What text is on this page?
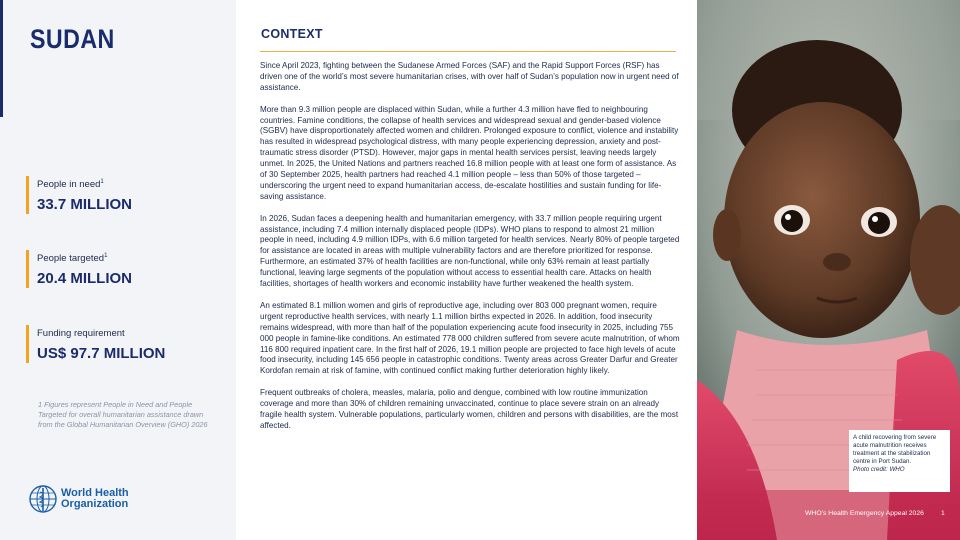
SUDAN
People in need$^1$
33.7 MILLION
People targeted$^1$
20.4 MILLION
Funding requirement
US$ 97.7 MILLION
1 Figures represent People in Need and People Targeted for overall humanitarian assistance drawn from the Global Humanitarian Overview (GHO) 2026
World Health
Organization
CONTEXT

Since April 2023, fighting between the Sudanese Armed Forces (SAF) and the Rapid Support Forces (RSF) has driven one of the world’s most severe humanitarian crises, with over half of Sudan’s population now in urgent need of assistance.

More than 9.3 million people are displaced within Sudan, while a further 4.3 million have fled to neighbouring countries. Famine conditions, the collapse of health services and widespread sexual and gender-based violence (SGBV) have disproportionately affected women and children. Prolonged exposure to conflict, violence and instability has resulted in widespread psychological distress, with many people experiencing depression, anxiety and post-traumatic stress disorder (PTSD). However, major gaps in mental health services persist, leaving needs largely unmet. In 2025, the United Nations and partners reached 16.8 million people with at least one form of assistance. As of 30 September 2025, health partners had reached 4.1 million people – less than 50% of those targeted – underscoring the urgent need to expand humanitarian access, de-escalate hostilities and sustain funding for life-saving assistance.

In 2026, Sudan faces a deepening health and humanitarian emergency, with 33.7 million people requiring urgent assistance, including 7.4 million internally displaced people (IDPs). WHO plans to respond to almost 21 million people in need, including 4.9 million IDPs, with 6.6 million targeted for health services. Nearly 80% of people targeted for assistance are located in areas with multiple vulnerability factors and are therefore prioritized for response. Furthermore, an estimated 37% of health facilities are non-functional, while only 63% remain at least partially functional, leaving large segments of the population without access to essential health care. Attacks on health facilities, shortages of health workers and economic instability have further weakened the health system.

An estimated 8.1 million women and girls of reproductive age, including over 803 000 pregnant women, require urgent reproductive health services, with nearly 1.1 million births expected in 2026. In addition, food insecurity remains widespread, with more than half of the population experiencing acute food insecurity in 2025, including 755 000 people in famine-like conditions. An estimated 778 000 children suffered from severe acute malnutrition, of whom 116 800 required inpatient care. In the first half of 2026, 19.1 million people are projected to face high levels of acute food insecurity, including 145 656 people in catastrophic conditions. Twenty areas across Greater Darfur and Greater Kordofan remain at risk of famine, with continued conflict making further deterioration highly likely.

Frequent outbreaks of cholera, measles, malaria, polio and dengue, combined with low routine immunization coverage and more than 30% of children remaining unvaccinated, continue to place severe strain on an already fragile health system. Vulnerable populations, particularly women, children and persons with disabilities, are the most affected.

A child recovering from severe acute malnutrition receives treatment at the stabilization centre in Port Sudan.
Photo credit: WHO
WHO’s Health Emergency Appeal 2026	1
